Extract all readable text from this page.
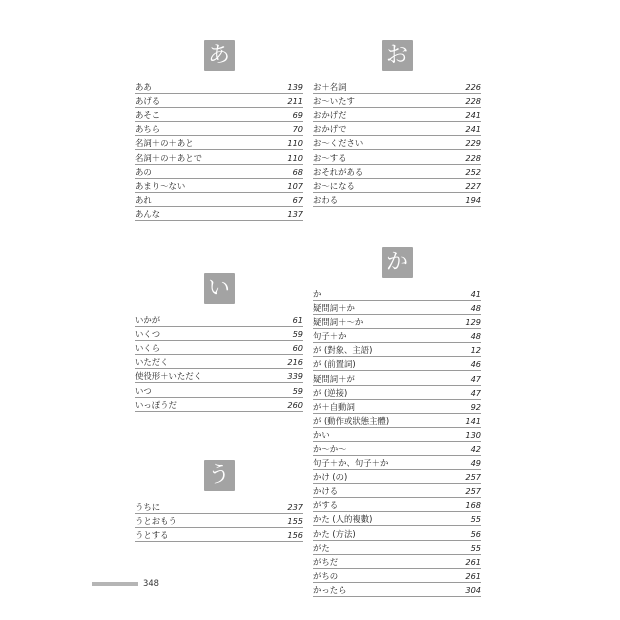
あ
ああ	139
あげる	211
あそこ	69
あちら	70
名詞＋の＋あと	110
名詞＋の＋あとで	110
あの	68
あまり～ない	107
あれ	67
あんな	137
い
いかが	61
いくつ	59
いくら	60
いただく	216
使役形＋いただく	339
いつ	59
いっぽうだ	260
う
うちに	237
うとおもう	155
うとする	156
お
お＋名詞	226
お～いたす	228
おかげだ	241
おかげで	241
お～ください	229
お～する	228
おそれがある	252
お～になる	227
おわる	194
か
か	41
疑問詞＋か	48
疑問詞＋～か	129
句子＋か	48
が (對象、主語)	12
が (前置詞)	46
疑問詞＋が	47
が (逆接)	47
が＋自動詞	92
が (動作或狀態主體)	141
かい	130
か～か～	42
句子＋か、句子＋か	49
かけ (の)	257
かける	257
がする	168
かた (人的複數)	55
かた (方法)	56
がた	55
がちだ	261
がちの	261
かったら	304
348
